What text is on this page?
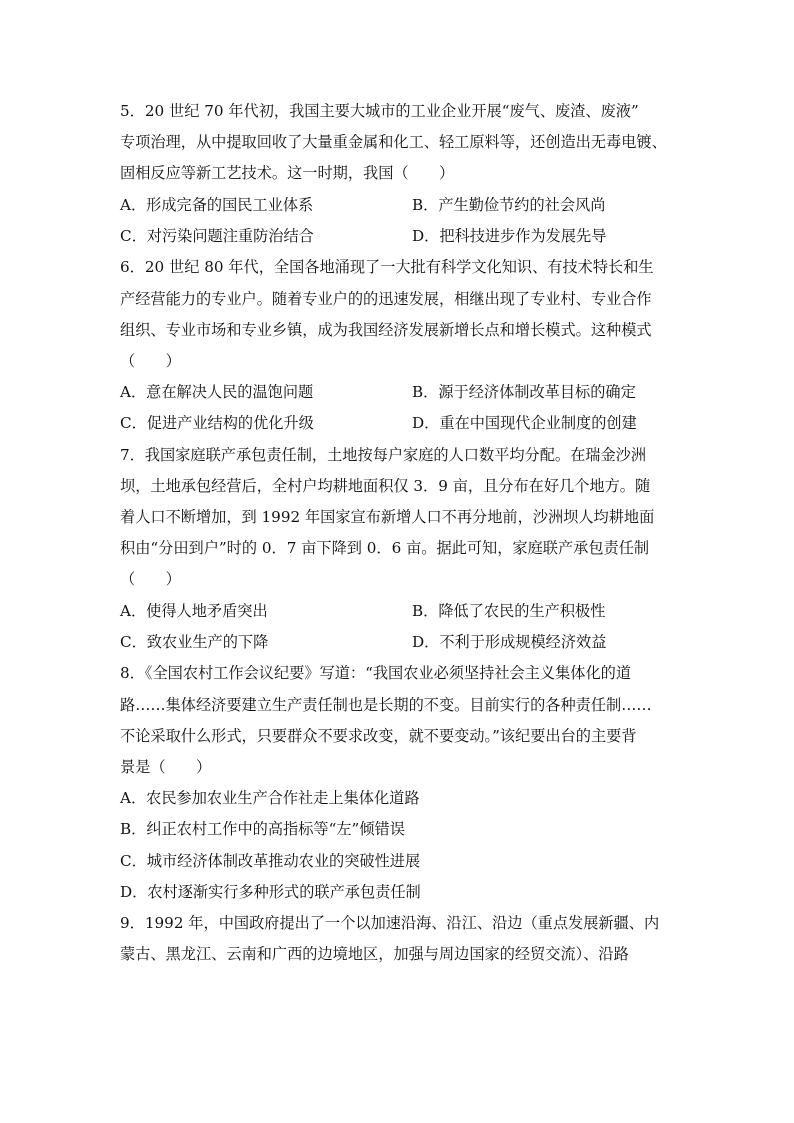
5．20 世纪 70 年代初，我国主要大城市的工业企业开展“废气、废渣、废液”
专项治理，从中提取回收了大量重金属和化工、轻工原料等，还创造出无毒电镀、
固相反应等新工艺技术。这一时期，我国（　　）
A．形成完备的国民工业体系	B．产生勤俭节约的社会风尚
C．对污染问题注重防治结合	D．把科技进步作为发展先导
6．20 世纪 80 年代，全国各地涌现了一大批有科学文化知识、有技术特长和生
产经营能力的专业户。随着专业户的的迅速发展，相继出现了专业村、专业合作
组织、专业市场和专业乡镇，成为我国经济发展新增长点和增长模式。这种模式
（　　）
A．意在解决人民的温饱问题	B．源于经济体制改革目标的确定
C．促进产业结构的优化升级	D．重在中国现代企业制度的创建
7．我国家庭联产承包责任制，土地按每户家庭的人口数平均分配。在瑞金沙洲
坝，土地承包经营后，全村户均耕地面积仅 3．9 亩，且分布在好几个地方。随
着人口不断增加，到 1992 年国家宣布新增人口不再分地前，沙洲坝人均耕地面
积由“分田到户”时的 0．7 亩下降到 0．6 亩。据此可知，家庭联产承包责任制
（　　）
A．使得人地矛盾突出	B．降低了农民的生产积极性
C．致农业生产的下降	D．不利于形成规模经济效益
8．《全国农村工作会议纪要》写道：“我国农业必须坚持社会主义集体化的道
路……集体经济要建立生产责任制也是长期的不变。目前实行的各种责任制……
不论采取什么形式，只要群众不要求改变，就不要变动。”该纪要出台的主要背
景是（　　）
A．农民参加农业生产合作社走上集体化道路
B．纠正农村工作中的高指标等“左”倾错误
C．城市经济体制改革推动农业的突破性进展
D．农村逐渐实行多种形式的联产承包责任制
9．1992 年，中国政府提出了一个以加速沿海、沿江、沿边（重点发展新疆、内
蒙古、黑龙江、云南和广西的边境地区，加强与周边国家的经贸交流）、沿路
